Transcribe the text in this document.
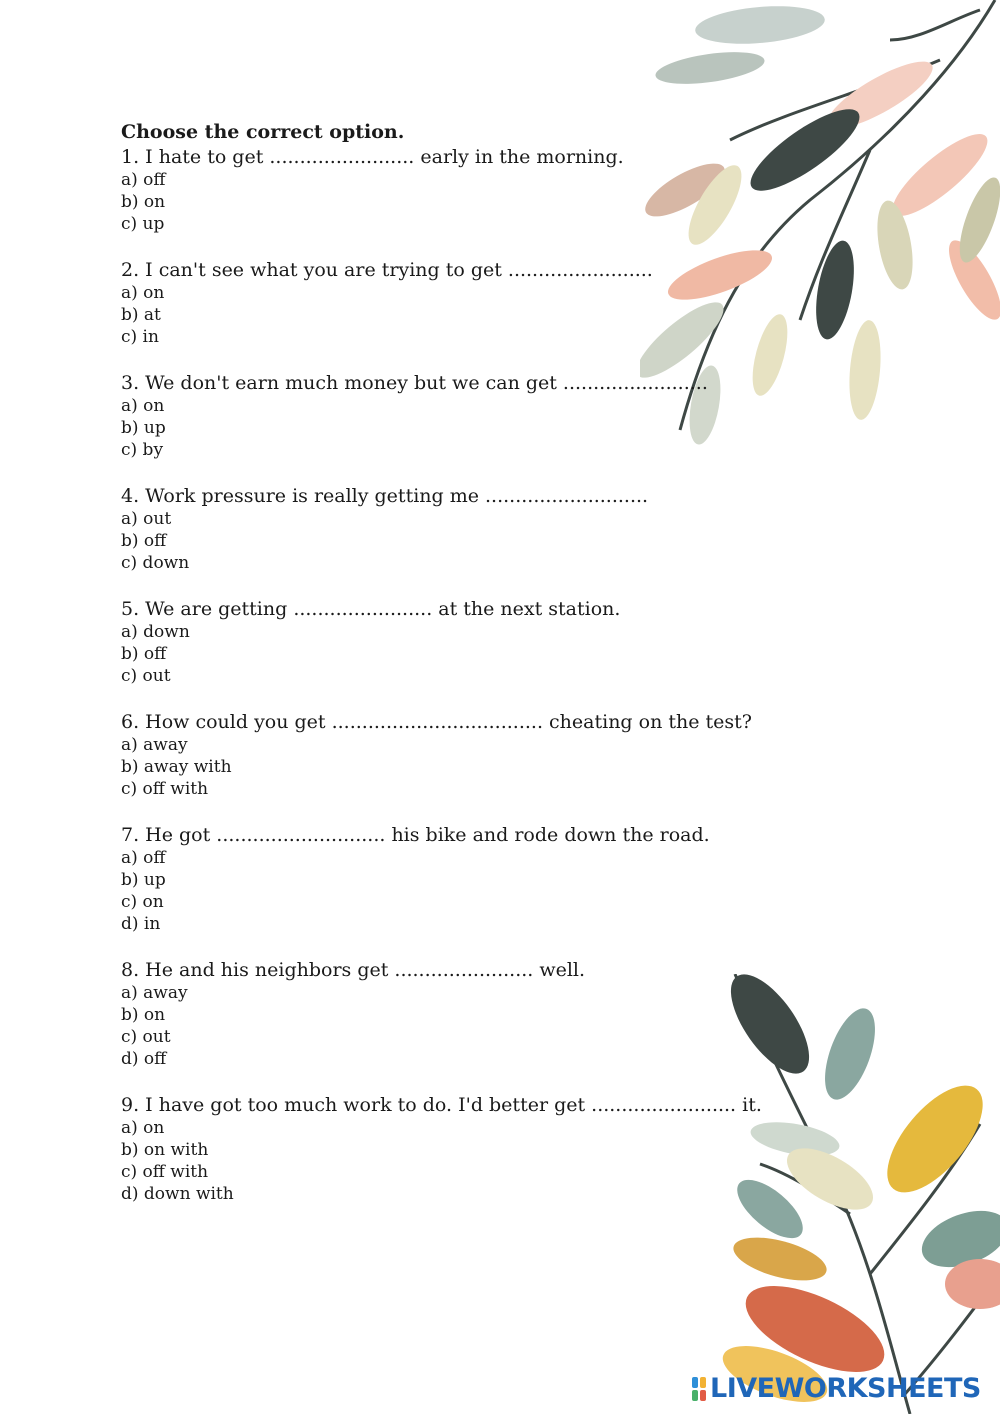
Choose the correct option.

1. I hate to get ........................ early in the morning.

a) off
b) on
c) up

2. I can't see what you are trying to get ........................

a) on
b) at
c) in

3. We don't earn much money but we can get ........................

a) on
b) up
c) by

4. Work pressure is really getting me ...........................

a) out
b) off
c) down

5. We are getting ....................... at the next station.

a) down
b) off
c) out

6. How could you get ................................... cheating on the test?

a) away
b) away with
c) off with

7. He got ............................ his bike and rode down the road.

a) off
b) up
c) on
d) in

8. He and his neighbors get ....................... well.

a) away
b) on
c) out
d) off

9. I have got too much work to do. I'd better get ........................ it.

a) on
b) on with
c) off with
d) down with
LIVEWORKSHEETS
